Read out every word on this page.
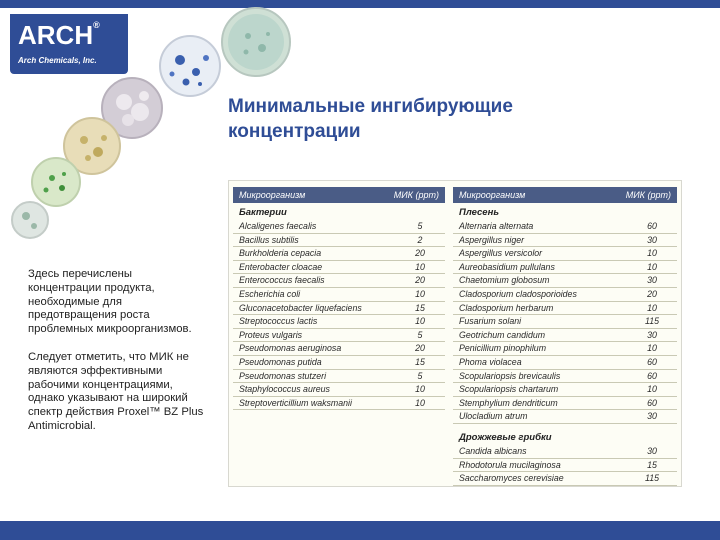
ARCH®
Arch Chemicals, Inc.
Минимальные ингибирующие
концентрации

Здесь перечислены концентрации продукта, необходимые для предотвращения роста проблемных микроорганизмов.

Следует отметить, что МИК не являются эффективными рабочими концентрациями, однако указывают на широкий спектр действия Proxel™ BZ Plus Antimicrobial.

Микроорганизм	МИК (ppm)
Бактерии
Alcaligenes faecalis	5
Bacillus subtilis	2
Burkholderia cepacia	20
Enterobacter cloacae	10
Enterococcus faecalis	20
Escherichia coli	10
Gluconacetobacter liquefaciens	15
Streptococcus lactis	10
Proteus vulgaris	5
Pseudomonas aeruginosa	20
Pseudomonas putida	15
Pseudomonas stutzeri	5
Staphylococcus aureus	10
Streptoverticillium waksmanii	10
Микроорганизм	МИК (ppm)
Плесень
Alternaria alternata	60
Aspergillus niger	30
Aspergillus versicolor	10
Aureobasidium pullulans	10
Chaetomium globosum	30
Cladosporium cladosporioides	20
Cladosporium herbarum	10
Fusarium solani	115
Geotrichum candidum	30
Penicillium pinophilum	10
Phoma violacea	60
Scopulariopsis brevicaulis	60
Scopulariopsis chartarum	10
Stemphylium dendriticum	60
Ulocladium atrum	30
Дрожжевые грибки
Candida albicans	30
Rhodotorula mucilaginosa	15
Saccharomyces cerevisiae	115
